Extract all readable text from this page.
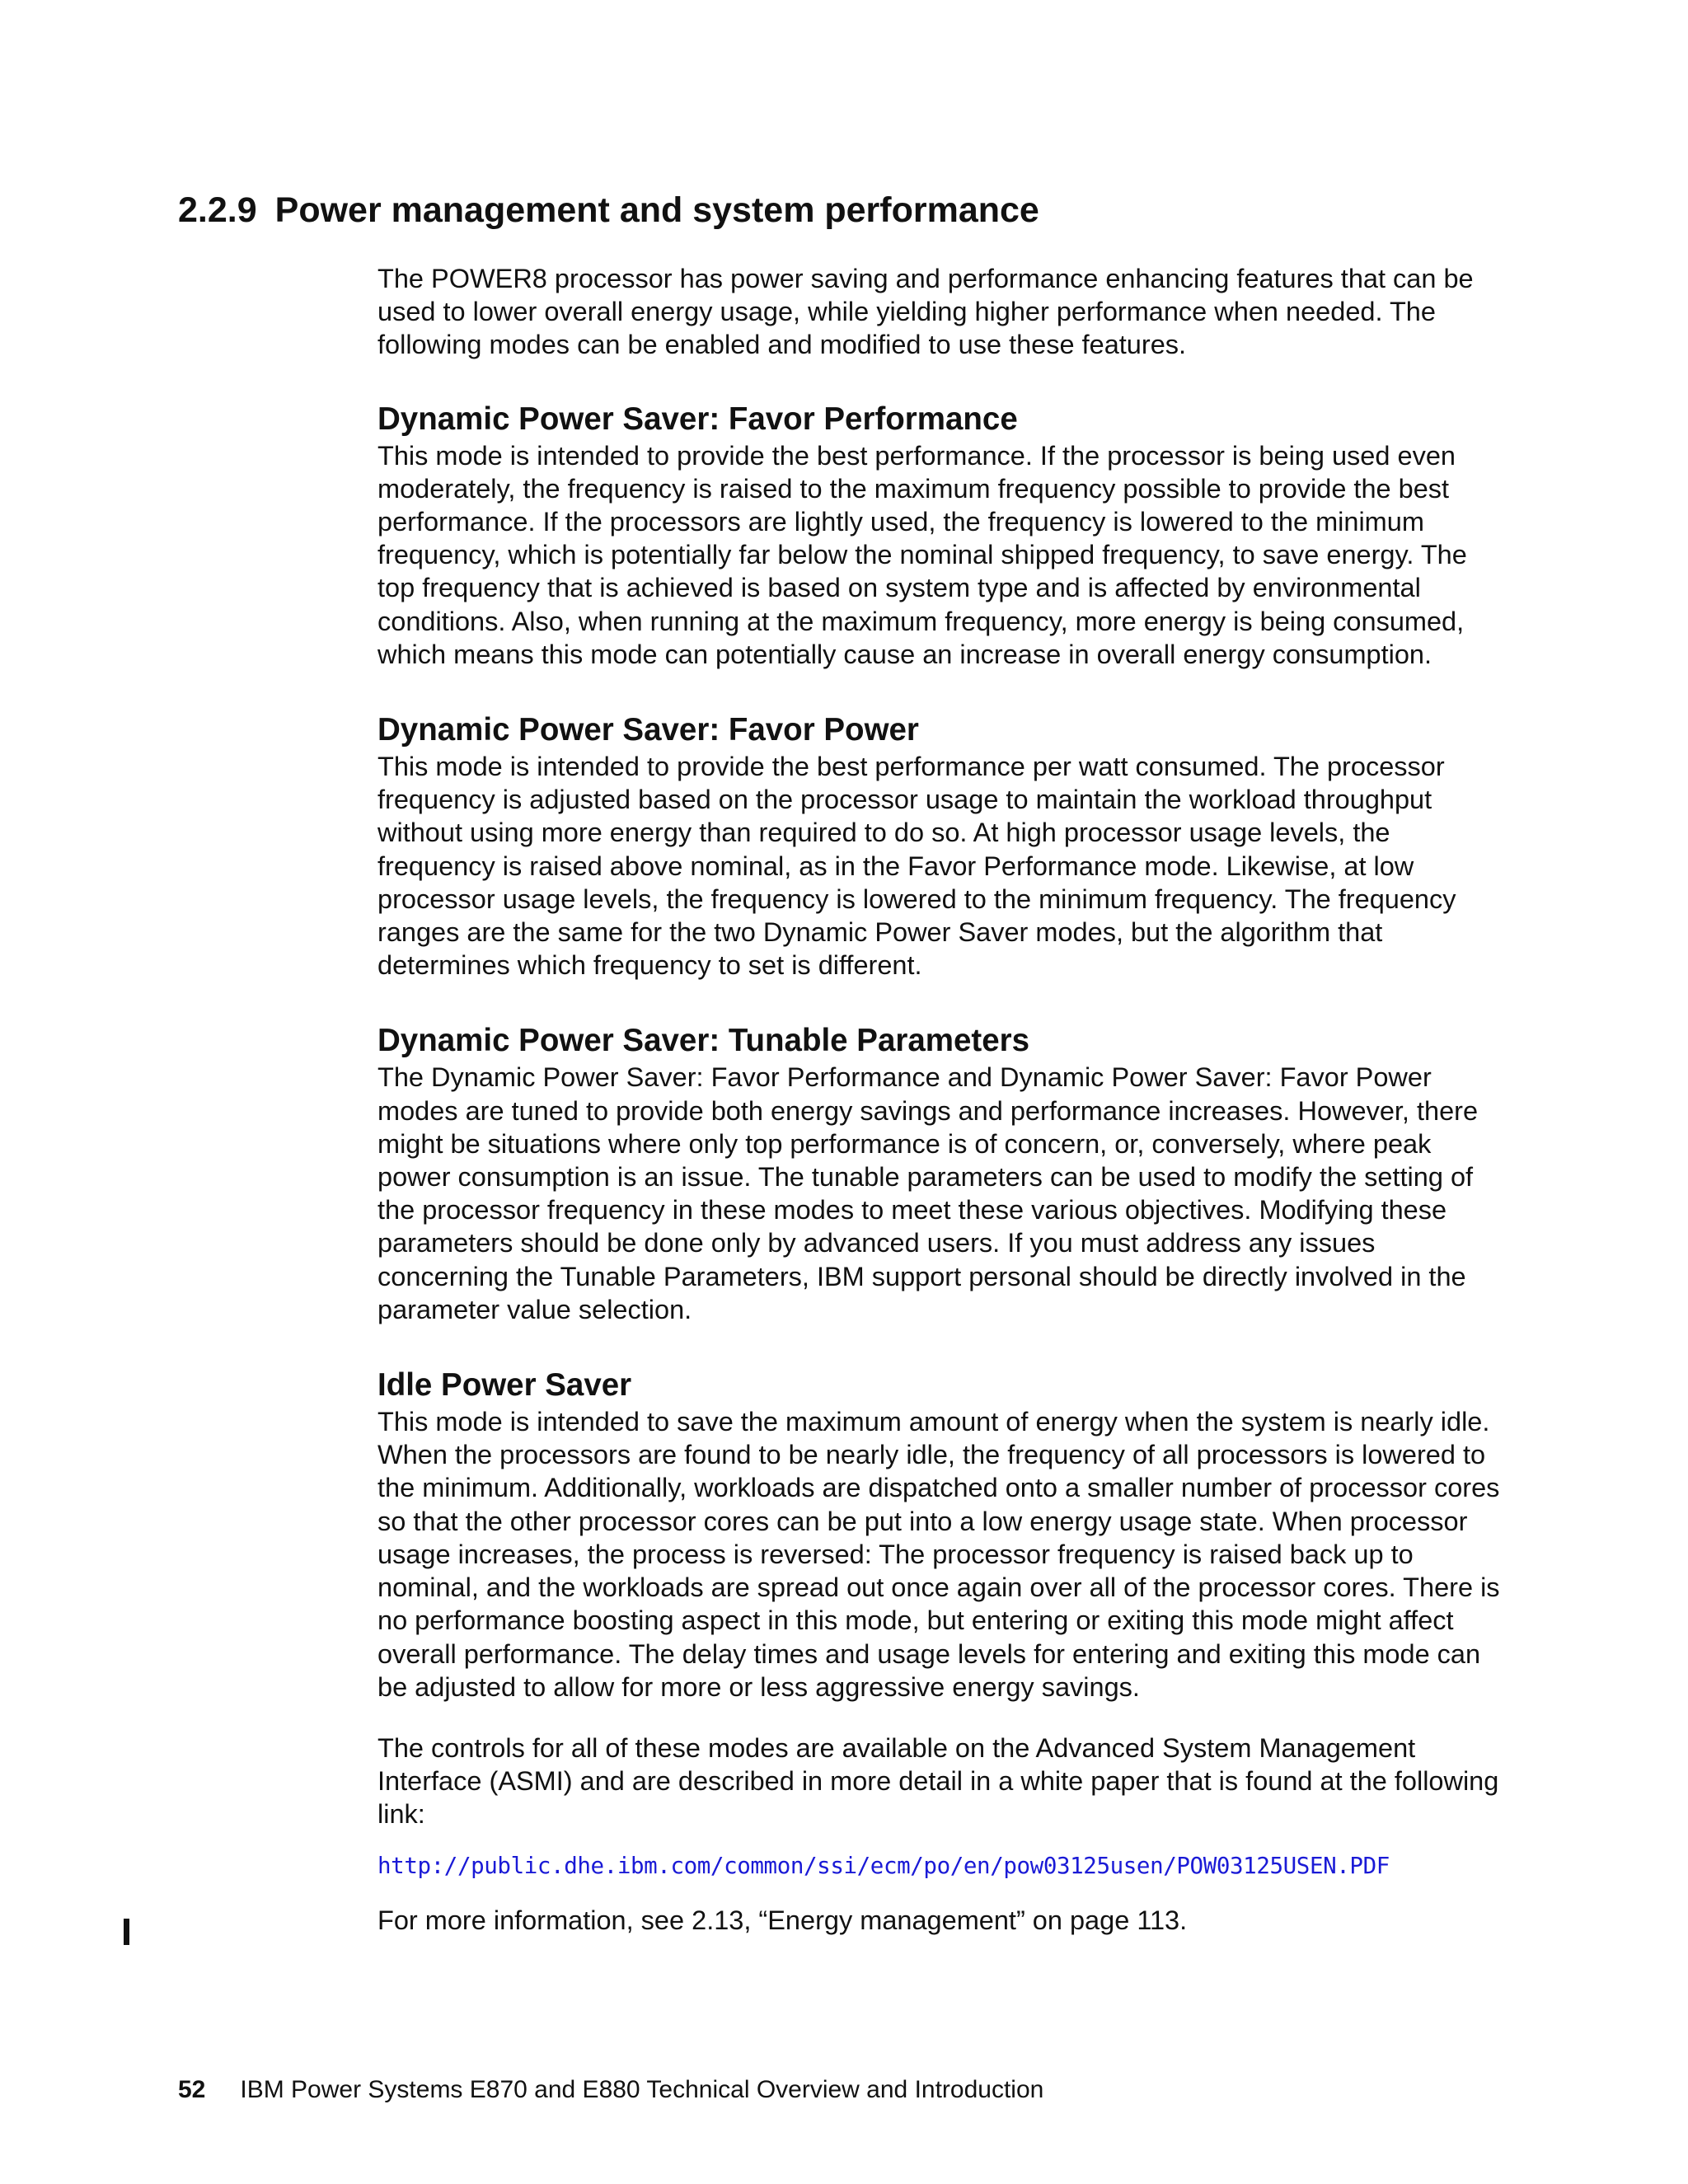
2.2.9 Power management and system performance

The POWER8 processor has power saving and performance enhancing features that can be used to lower overall energy usage, while yielding higher performance when needed. The following modes can be enabled and modified to use these features.

Dynamic Power Saver: Favor Performance

This mode is intended to provide the best performance. If the processor is being used even moderately, the frequency is raised to the maximum frequency possible to provide the best performance. If the processors are lightly used, the frequency is lowered to the minimum frequency, which is potentially far below the nominal shipped frequency, to save energy. The top frequency that is achieved is based on system type and is affected by environmental conditions. Also, when running at the maximum frequency, more energy is being consumed, which means this mode can potentially cause an increase in overall energy consumption.

Dynamic Power Saver: Favor Power

This mode is intended to provide the best performance per watt consumed. The processor frequency is adjusted based on the processor usage to maintain the workload throughput without using more energy than required to do so. At high processor usage levels, the frequency is raised above nominal, as in the Favor Performance mode. Likewise, at low processor usage levels, the frequency is lowered to the minimum frequency. The frequency ranges are the same for the two Dynamic Power Saver modes, but the algorithm that determines which frequency to set is different.

Dynamic Power Saver: Tunable Parameters

The Dynamic Power Saver: Favor Performance and Dynamic Power Saver: Favor Power modes are tuned to provide both energy savings and performance increases. However, there might be situations where only top performance is of concern, or, conversely, where peak power consumption is an issue. The tunable parameters can be used to modify the setting of the processor frequency in these modes to meet these various objectives. Modifying these parameters should be done only by advanced users. If you must address any issues concerning the Tunable Parameters, IBM support personal should be directly involved in the parameter value selection.

Idle Power Saver

This mode is intended to save the maximum amount of energy when the system is nearly idle. When the processors are found to be nearly idle, the frequency of all processors is lowered to the minimum. Additionally, workloads are dispatched onto a smaller number of processor cores so that the other processor cores can be put into a low energy usage state. When processor usage increases, the process is reversed: The processor frequency is raised back up to nominal, and the workloads are spread out once again over all of the processor cores. There is no performance boosting aspect in this mode, but entering or exiting this mode might affect overall performance. The delay times and usage levels for entering and exiting this mode can be adjusted to allow for more or less aggressive energy savings.

The controls for all of these modes are available on the Advanced System Management Interface (ASMI) and are described in more detail in a white paper that is found at the following link:

http://public.dhe.ibm.com/common/ssi/ecm/po/en/pow03125usen/POW03125USEN.PDF

For more information, see 2.13, “Energy management” on page 113.

52 IBM Power Systems E870 and E880 Technical Overview and Introduction
